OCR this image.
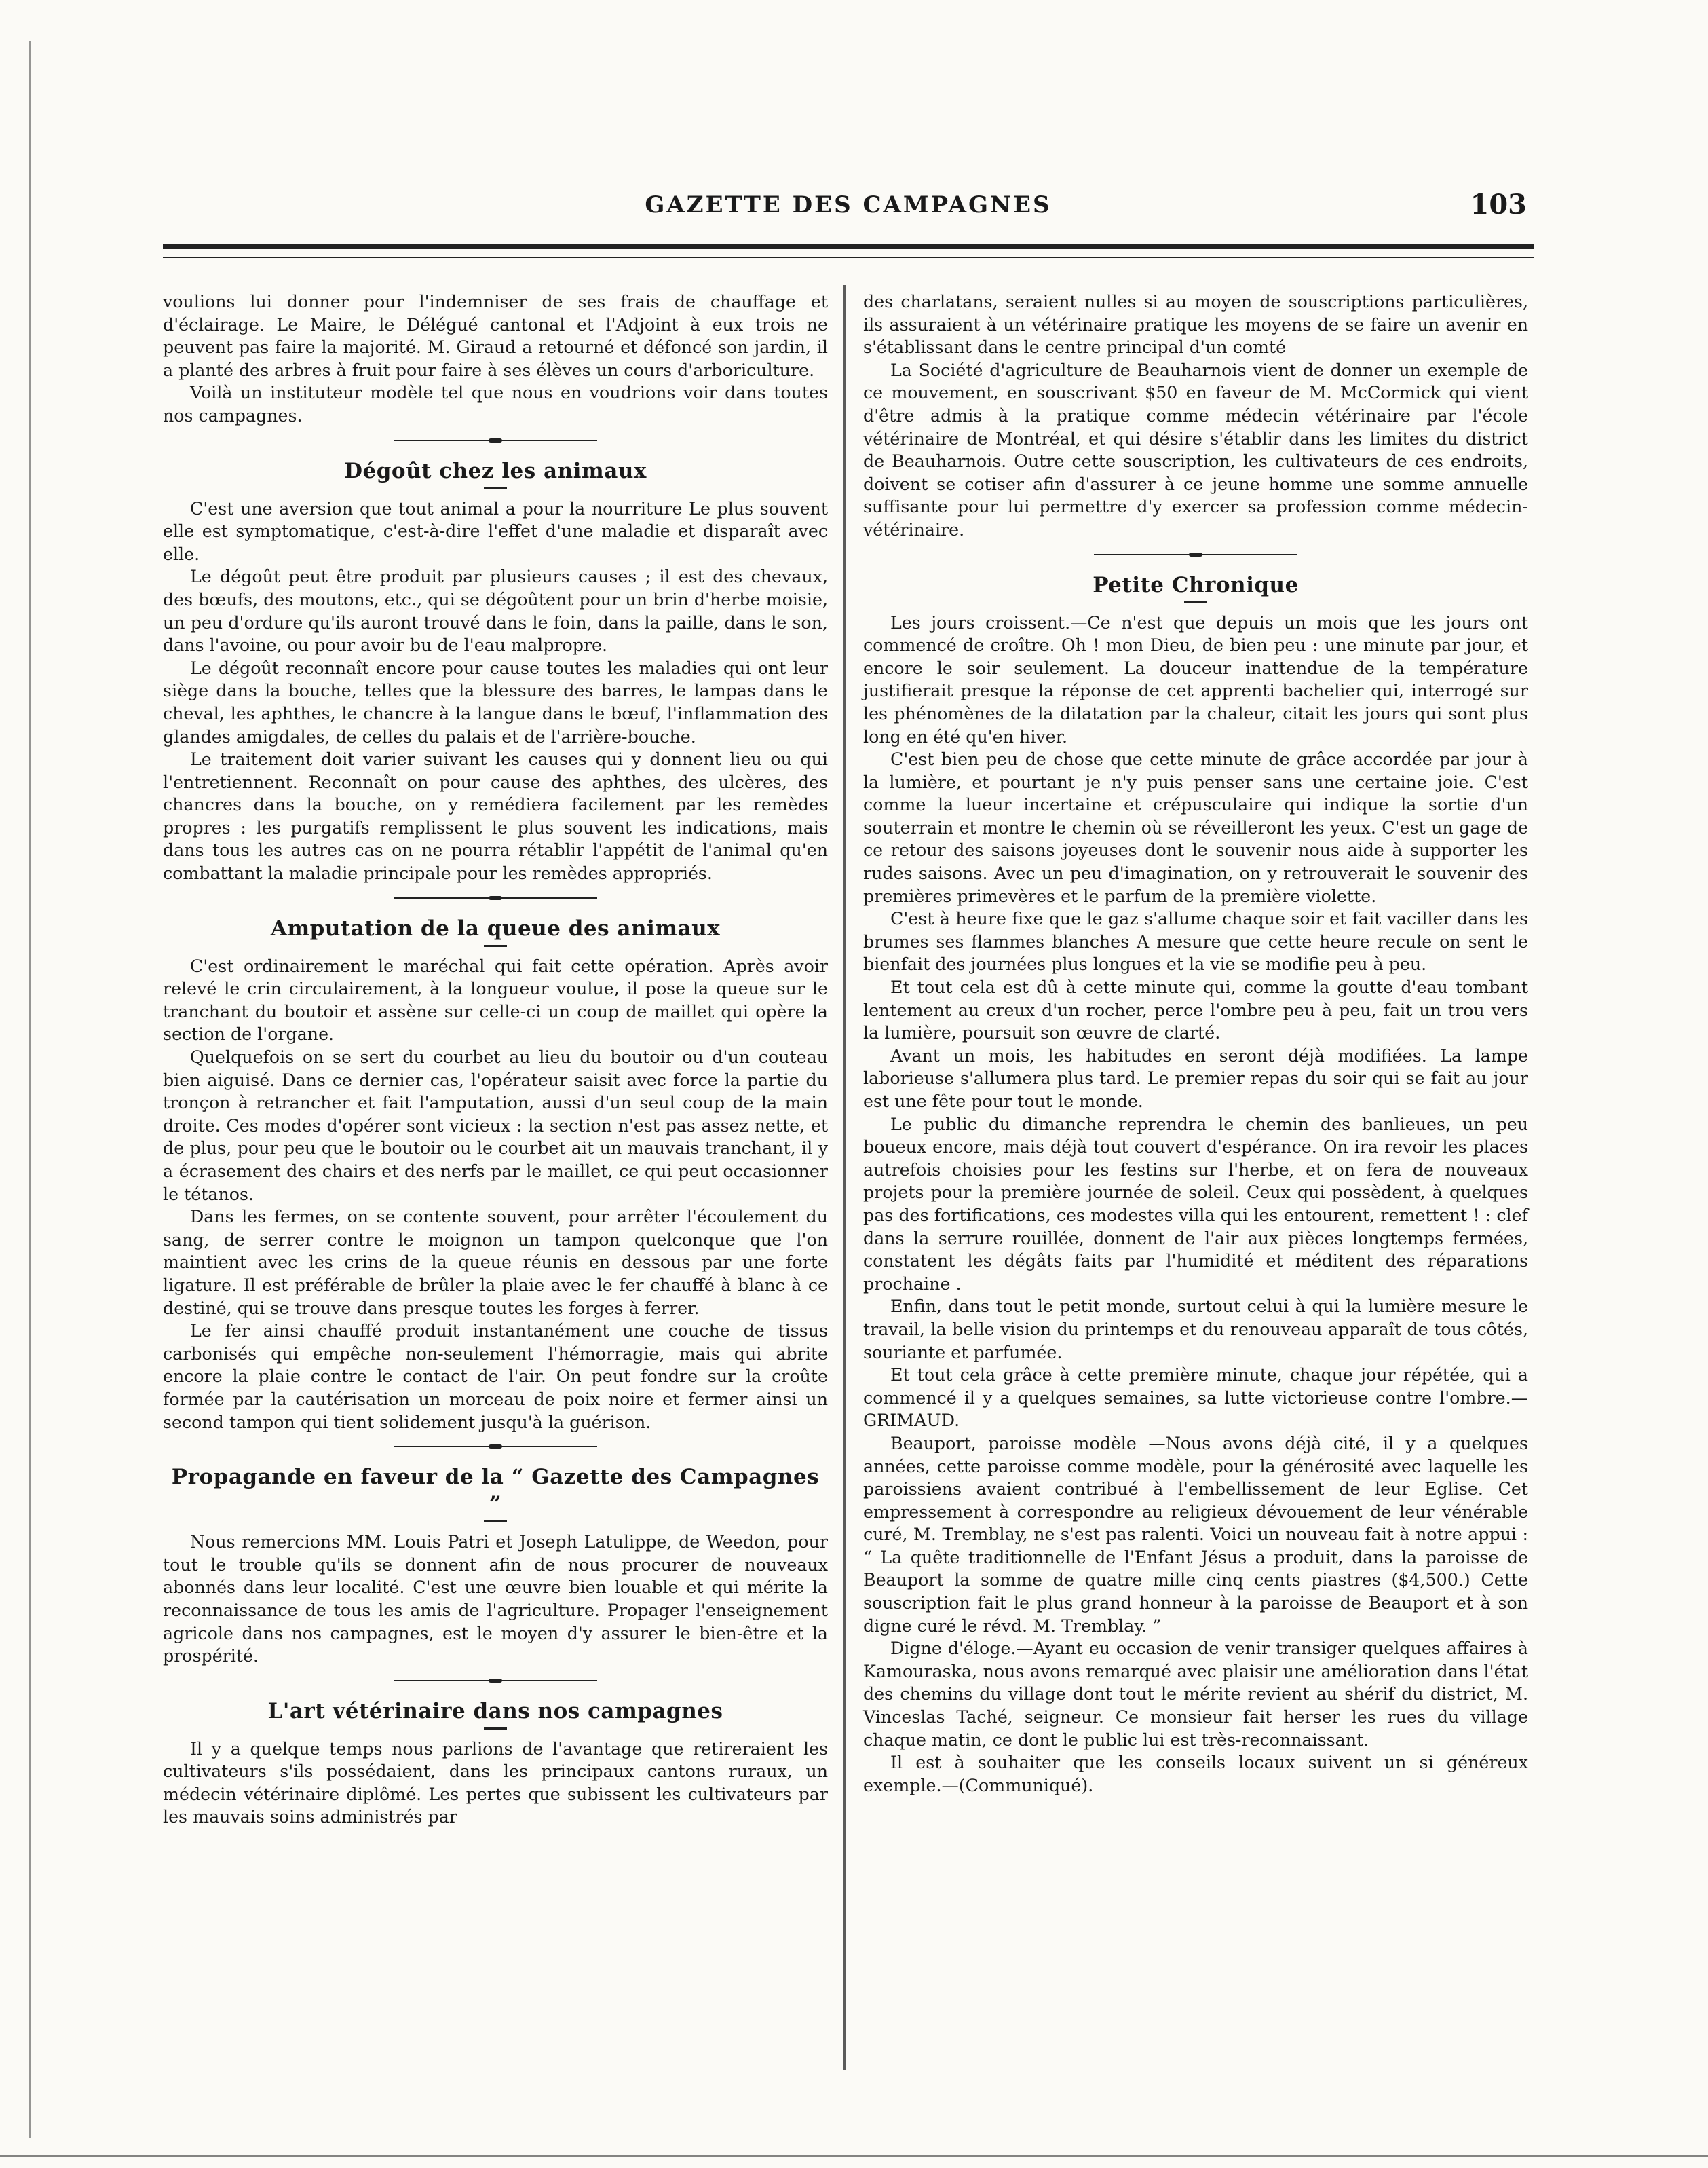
GAZETTE DES CAMPAGNES	103

voulions lui donner pour l'indemniser de ses frais de chauffage et d'éclairage. Le Maire, le Délégué cantonal et l'Adjoint à eux trois ne peuvent pas faire la majorité. M. Giraud a retourné et défoncé son jardin, il a planté des arbres à fruit pour faire à ses élèves un cours d'arboriculture.

Voilà un instituteur modèle tel que nous en voudrions voir dans toutes nos campagnes.

Dégoût chez les animaux

C'est une aversion que tout animal a pour la nourriture Le plus souvent elle est symptomatique, c'est-à-dire l'effet d'une maladie et disparaît avec elle.

Le dégoût peut être produit par plusieurs causes ; il est des chevaux, des bœufs, des moutons, etc., qui se dégoûtent pour un brin d'herbe moisie, un peu d'ordure qu'ils auront trouvé dans le foin, dans la paille, dans le son, dans l'avoine, ou pour avoir bu de l'eau malpropre.

Le dégoût reconnaît encore pour cause toutes les maladies qui ont leur siège dans la bouche, telles que la blessure des barres, le lampas dans le cheval, les aphthes, le chancre à la langue dans le bœuf, l'inflammation des glandes amigdales, de celles du palais et de l'arrière-bouche.

Le traitement doit varier suivant les causes qui y donnent lieu ou qui l'entretiennent. Reconnaît on pour cause des aphthes, des ulcères, des chancres dans la bouche, on y remédiera facilement par les remèdes propres : les purgatifs remplissent le plus souvent les indications, mais dans tous les autres cas on ne pourra rétablir l'appétit de l'animal qu'en combattant la maladie principale pour les remèdes appropriés.

Amputation de la queue des animaux

C'est ordinairement le maréchal qui fait cette opération. Après avoir relevé le crin circulairement, à la longueur voulue, il pose la queue sur le tranchant du boutoir et assène sur celle-ci un coup de maillet qui opère la section de l'organe.

Quelquefois on se sert du courbet au lieu du boutoir ou d'un couteau bien aiguisé. Dans ce dernier cas, l'opérateur saisit avec force la partie du tronçon à retrancher et fait l'amputation, aussi d'un seul coup de la main droite. Ces modes d'opérer sont vicieux : la section n'est pas assez nette, et de plus, pour peu que le boutoir ou le courbet ait un mauvais tranchant, il y a écrasement des chairs et des nerfs par le maillet, ce qui peut occasionner le tétanos.

Dans les fermes, on se contente souvent, pour arrêter l'écoulement du sang, de serrer contre le moignon un tampon quelconque que l'on maintient avec les crins de la queue réunis en dessous par une forte ligature. Il est préférable de brûler la plaie avec le fer chauffé à blanc à ce destiné, qui se trouve dans presque toutes les forges à ferrer.

Le fer ainsi chauffé produit instantanément une couche de tissus carbonisés qui empêche non-seulement l'hémorragie, mais qui abrite encore la plaie contre le contact de l'air. On peut fondre sur la croûte formée par la cautérisation un morceau de poix noire et fermer ainsi un second tampon qui tient solidement jusqu'à la guérison.

Propagande en faveur de la “ Gazette des Campagnes ”

Nous remercions MM. Louis Patri et Joseph Latulippe, de Weedon, pour tout le trouble qu'ils se donnent afin de nous procurer de nouveaux abonnés dans leur localité. C'est une œuvre bien louable et qui mérite la reconnaissance de tous les amis de l'agriculture. Propager l'enseignement agricole dans nos campagnes, est le moyen d'y assurer le bien-être et la prospérité.

L'art vétérinaire dans nos campagnes

Il y a quelque temps nous parlions de l'avantage que retireraient les cultivateurs s'ils possédaient, dans les principaux cantons ruraux, un médecin vétérinaire diplômé. Les pertes que subissent les cultivateurs par les mauvais soins administrés par

des charlatans, seraient nulles si au moyen de souscriptions particulières, ils assuraient à un vétérinaire pratique les moyens de se faire un avenir en s'établissant dans le centre principal d'un comté

La Société d'agriculture de Beauharnois vient de donner un exemple de ce mouvement, en souscrivant $50 en faveur de M. McCormick qui vient d'être admis à la pratique comme médecin vétérinaire par l'école vétérinaire de Montréal, et qui désire s'établir dans les limites du district de Beauharnois. Outre cette souscription, les cultivateurs de ces endroits, doivent se cotiser afin d'assurer à ce jeune homme une somme annuelle suffisante pour lui permettre d'y exercer sa profession comme médecin-vétérinaire.

Petite Chronique

Les jours croissent.—Ce n'est que depuis un mois que les jours ont commencé de croître. Oh ! mon Dieu, de bien peu : une minute par jour, et encore le soir seulement. La douceur inattendue de la température justifierait presque la réponse de cet apprenti bachelier qui, interrogé sur les phénomènes de la dilatation par la chaleur, citait les jours qui sont plus long en été qu'en hiver.

C'est bien peu de chose que cette minute de grâce accordée par jour à la lumière, et pourtant je n'y puis penser sans une certaine joie. C'est comme la lueur incertaine et crépusculaire qui indique la sortie d'un souterrain et montre le chemin où se réveilleront les yeux. C'est un gage de ce retour des saisons joyeuses dont le souvenir nous aide à supporter les rudes saisons. Avec un peu d'imagination, on y retrouverait le souvenir des premières primevères et le parfum de la première violette.

C'est à heure fixe que le gaz s'allume chaque soir et fait vaciller dans les brumes ses flammes blanches A mesure que cette heure recule on sent le bienfait des journées plus longues et la vie se modifie peu à peu.

Et tout cela est dû à cette minute qui, comme la goutte d'eau tombant lentement au creux d'un rocher, perce l'ombre peu à peu, fait un trou vers la lumière, poursuit son œuvre de clarté.

Avant un mois, les habitudes en seront déjà modifiées. La lampe laborieuse s'allumera plus tard. Le premier repas du soir qui se fait au jour est une fête pour tout le monde.

Le public du dimanche reprendra le chemin des banlieues, un peu boueux encore, mais déjà tout couvert d'espérance. On ira revoir les places autrefois choisies pour les festins sur l'herbe, et on fera de nouveaux projets pour la première journée de soleil. Ceux qui possèdent, à quelques pas des fortifications, ces modestes villa qui les entourent, remettent ! : clef dans la serrure rouillée, donnent de l'air aux pièces longtemps fermées, constatent les dégâts faits par l'humidité et méditent des réparations prochaine .

Enfin, dans tout le petit monde, surtout celui à qui la lumière mesure le travail, la belle vision du printemps et du renouveau apparaît de tous côtés, souriante et parfumée.

Et tout cela grâce à cette première minute, chaque jour répétée, qui a commencé il y a quelques semaines, sa lutte victorieuse contre l'ombre.—GRIMAUD.

Beauport, paroisse modèle —Nous avons déjà cité, il y a quelques années, cette paroisse comme modèle, pour la générosité avec laquelle les paroissiens avaient contribué à l'embellissement de leur Eglise. Cet empressement à correspondre au religieux dévouement de leur vénérable curé, M. Tremblay, ne s'est pas ralenti. Voici un nouveau fait à notre appui : “ La quête traditionnelle de l'Enfant Jésus a produit, dans la paroisse de Beauport la somme de quatre mille cinq cents piastres ($4,500.) Cette souscription fait le plus grand honneur à la paroisse de Beauport et à son digne curé le révd. M. Tremblay. ”

Digne d'éloge.—Ayant eu occasion de venir transiger quelques affaires à Kamouraska, nous avons remarqué avec plaisir une amélioration dans l'état des chemins du village dont tout le mérite revient au shérif du district, M. Vinceslas Taché, seigneur. Ce monsieur fait herser les rues du village chaque matin, ce dont le public lui est très-reconnaissant.

Il est à souhaiter que les conseils locaux suivent un si généreux exemple.—(Communiqué).
